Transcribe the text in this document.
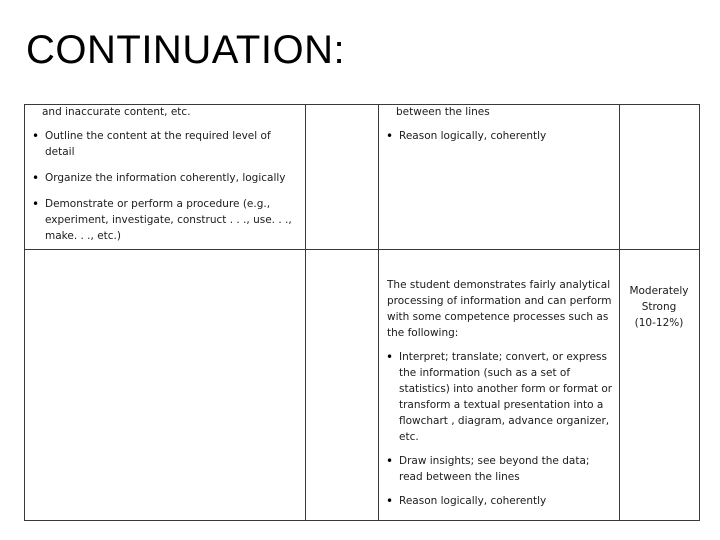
CONTINUATION:

and inaccurate content, etc.

• Outline the content at the required level of detail

• Organize the information coherently, logically

• Demonstrate or perform a procedure (e.g., experiment, investigate, construct . . ., use. . ., make. . ., etc.)

between the lines

• Reason logically, coherently

The student demonstrates fairly analytical processing of information and can perform with some competence processes such as the following:

• Interpret; translate; convert, or express the information (such as a set of statistics) into another form or format or transform a textual presentation into a flowchart , diagram, advance organizer, etc.

• Draw insights; see beyond the data; read between the lines

• Reason logically, coherently

Moderately

Strong

(10-12%)
